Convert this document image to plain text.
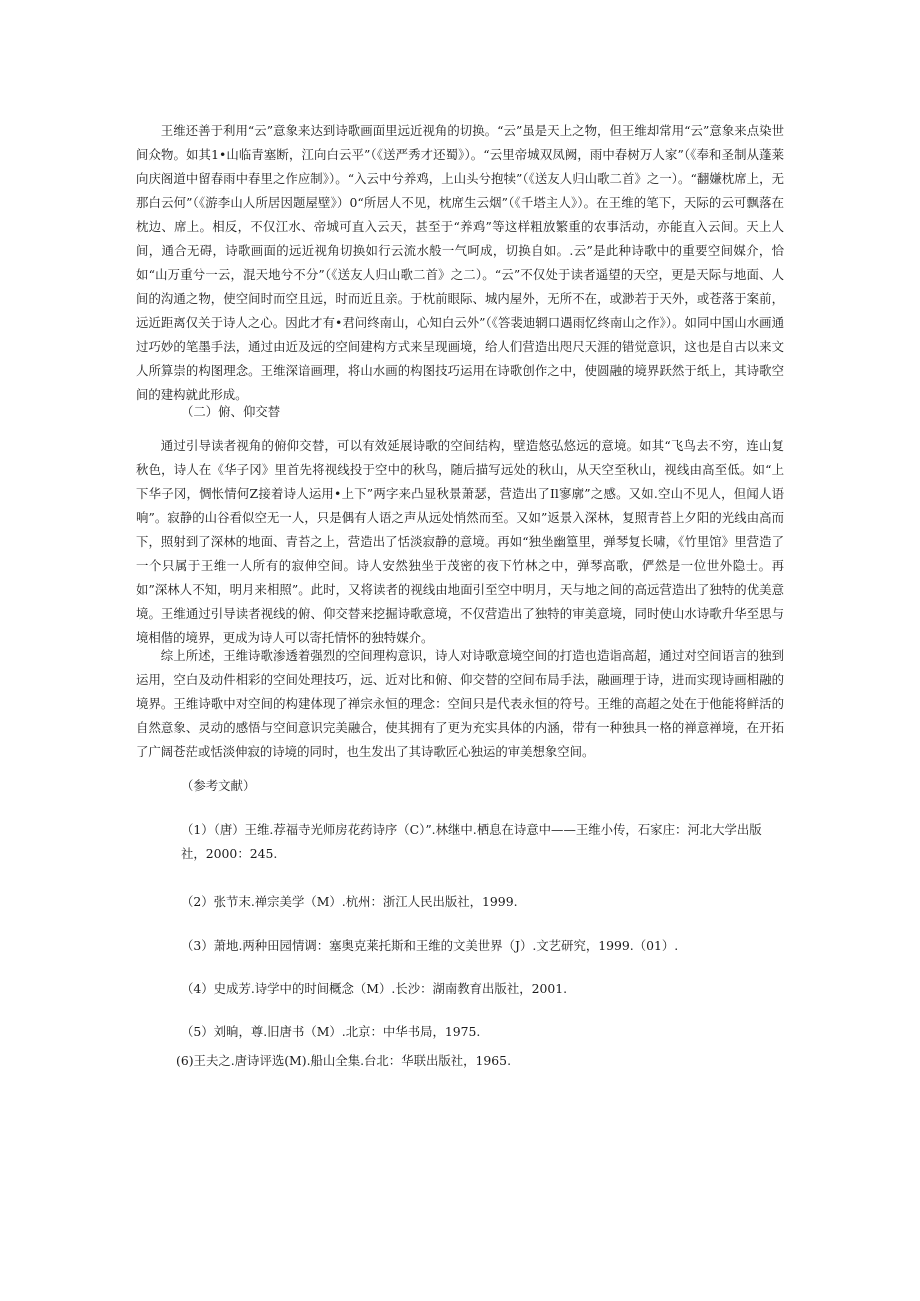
王维还善于利用“云”意象来达到诗歌画面里远近视角的切换。“云”虽是天上之物，但王维却常用“云”意象来点染世间众物。如其1•山临青塞断，江向白云平”（《送严秀才还蜀》）。“云里帝城双凤阙，雨中春树万人家”（《奉和圣制从蓬莱向庆阁道中留春雨中春里之作应制》）。“入云中兮养鸡，上山头兮抱犊”（《送友人归山歌二首》之一）。“翻嫌枕席上，无那白云何”（《游李山人所居因题屋壁》）0“所居人不见，枕席生云烟”（《千塔主人》）。在王维的笔下，天际的云可飘落在枕边、席上。相反，不仅江水、帝城可直入云天，甚至于“养鸡”等这样粗放繁重的农事活动，亦能直入云间。天上人间，通合无碍，诗歌画面的远近视角切换如行云流水般一气呵成，切换自如。.云”是此种诗歌中的重要空间媒介，恰如“山万重兮一云，混天地兮不分”（《送友人归山歌二首》之二）。“云”不仅处于读者遥望的天空，更是天际与地面、人间的沟通之物，使空间时而空且远，时而近且亲。于枕前眼际、城内屋外，无所不在，或渺若于天外，或苍落于案前，远近距离仅关于诗人之心。因此才有•君问终南山，心知白云外”（《答裴迪辋口遇雨忆终南山之作》）。如同中国山水画通过巧妙的笔墨手法，通过由近及远的空间建构方式来呈现画境，给人们营造出咫尺天涯的错觉意识，这也是自古以来文人所算崇的构图理念。王维深谙画理，将山水画的构图技巧运用在诗歌创作之中，使圆融的境界跃然于纸上，其诗歌空间的建构就此形成。

（二）俯、仰交替

通过引导读者视角的俯仰交替，可以有效延展诗歌的空间结构，壁造悠弘悠远的意境。如其“飞鸟去不穷，连山复秋色，诗人在《华子冈》里首先将视线投于空中的秋鸟，随后描写远处的秋山，从天空至秋山，视线由高至低。如“上下华子冈，惆怅情何Z接着诗人运用•上下”两字来凸显秋景萧瑟，营造出了Il寥廓”之感。又如.空山不见人，但闻人语响”。寂静的山谷看似空无一人，只是偶有人语之声从远处悄然而至。又如”返景入深林，复照青苔上夕阳的光线由高而下，照射到了深林的地面、青苔之上，营造出了恬淡寂静的意境。再如“独坐幽篁里，弹琴复长啸，《竹里馆》里营造了一个只属于王维一人所有的寂伸空间。诗人安然独坐于茂密的夜下竹林之中，弹琴高歌，俨然是一位世外隐士。再如”深林人不知，明月来相照”。此时，又将读者的视线由地面引至空中明月，天与地之间的高远营造出了独特的优美意境。王维通过引导读者视线的俯、仰交替来挖掘诗歌意境，不仅营造出了独特的审美意境，同时使山水诗歌升华至思与境相偕的境界，更成为诗人可以寄托情怀的独特媒介。

综上所述，王维诗歌渗透着强烈的空间理构意识，诗人对诗歌意境空间的打造也造诣高超，通过对空间语言的独到运用，空白及动件相彩的空间处理技巧，远、近对比和俯、仰交替的空间布局手法，融画理于诗，进而实现诗画相融的境界。王维诗歌中对空间的构建体现了禅宗永恒的理念：空间只是代表永恒的符号。王维的高超之处在于他能将鲜活的自然意象、灵动的感悟与空间意识完美融合，使其拥有了更为充实具体的内涵，带有一种独具一格的禅意禅境，在开拓了广阔苍茫或恬淡伸寂的诗境的同时，也生发出了其诗歌匠心独运的审美想象空间。

（参考文献）

（1）（唐）王维.荐福寺光师房花药诗序（C）”.林继中.栖息在诗意中——王维小传，石家庄：河北大学出版社，2000：245.

（2）张节末.禅宗美学（M）.杭州：浙江人民出版社，1999.

（3）萧地.两种田园情调：塞奥克莱托斯和王维的文美世界（J）.文艺研究，1999.（01）.

（4）史成芳.诗学中的时间概念（M）.长沙：湖南教育出版社，2001.

（5）刘晌，尊.旧唐书（M）.北京：中华书局，1975.

(6)王夫之.唐诗评选(M).船山全集.台北：华联出版社，1965.
